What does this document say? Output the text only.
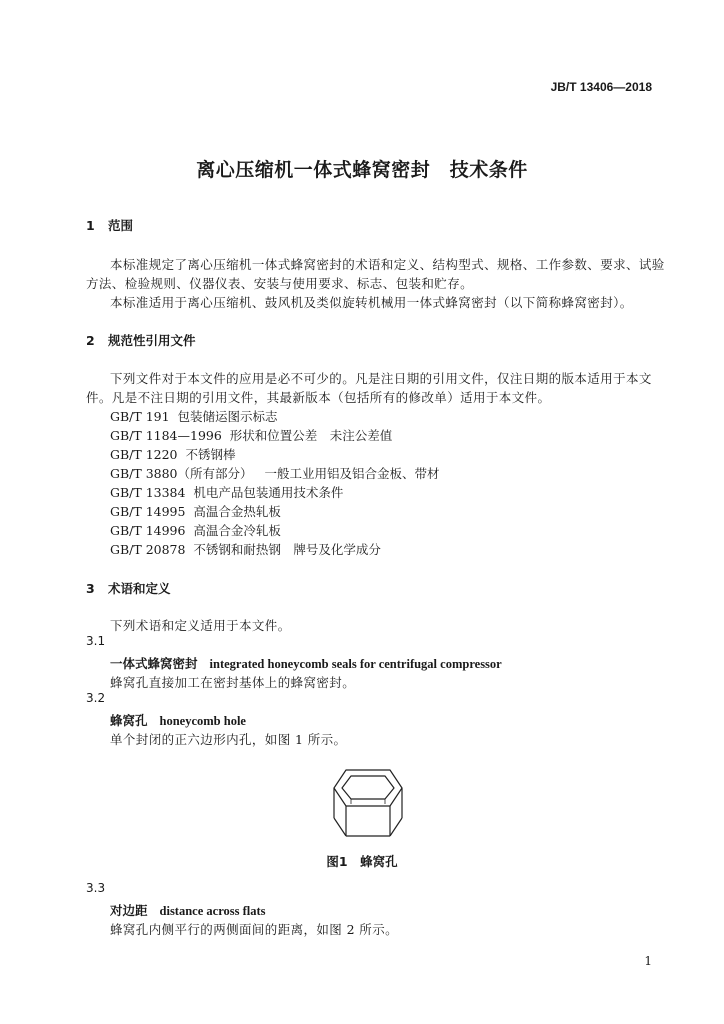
JB/T 13406—2018
离心压缩机一体式蜂窝密封　技术条件
1 范围
本标准规定了离心压缩机一体式蜂窝密封的术语和定义、结构型式、规格、工作参数、要求、试验
方法、检验规则、仪器仪表、安装与使用要求、标志、包装和贮存。
本标准适用于离心压缩机、鼓风机及类似旋转机械用一体式蜂窝密封（以下简称蜂窝密封）。
2 规范性引用文件
下列文件对于本文件的应用是必不可少的。凡是注日期的引用文件，仅注日期的版本适用于本文
件。凡是不注日期的引用文件，其最新版本（包括所有的修改单）适用于本文件。
GB/T 191 包装储运图示标志
GB/T 1184—1996 形状和位置公差　未注公差值
GB/T 1220 不锈钢棒
GB/T 3880（所有部分） 一般工业用铝及铝合金板、带材
GB/T 13384 机电产品包装通用技术条件
GB/T 14995 高温合金热轧板
GB/T 14996 高温合金冷轧板
GB/T 20878 不锈钢和耐热钢　牌号及化学成分
3 术语和定义
下列术语和定义适用于本文件。
3.1
一体式蜂窝密封 integrated honeycomb seals for centrifugal compressor
蜂窝孔直接加工在密封基体上的蜂窝密封。
3.2
蜂窝孔 honeycomb hole
单个封闭的正六边形内孔，如图 1 所示。
图1　蜂窝孔
3.3
对边距 distance across flats
蜂窝孔内侧平行的两侧面间的距离，如图 2 所示。
1
